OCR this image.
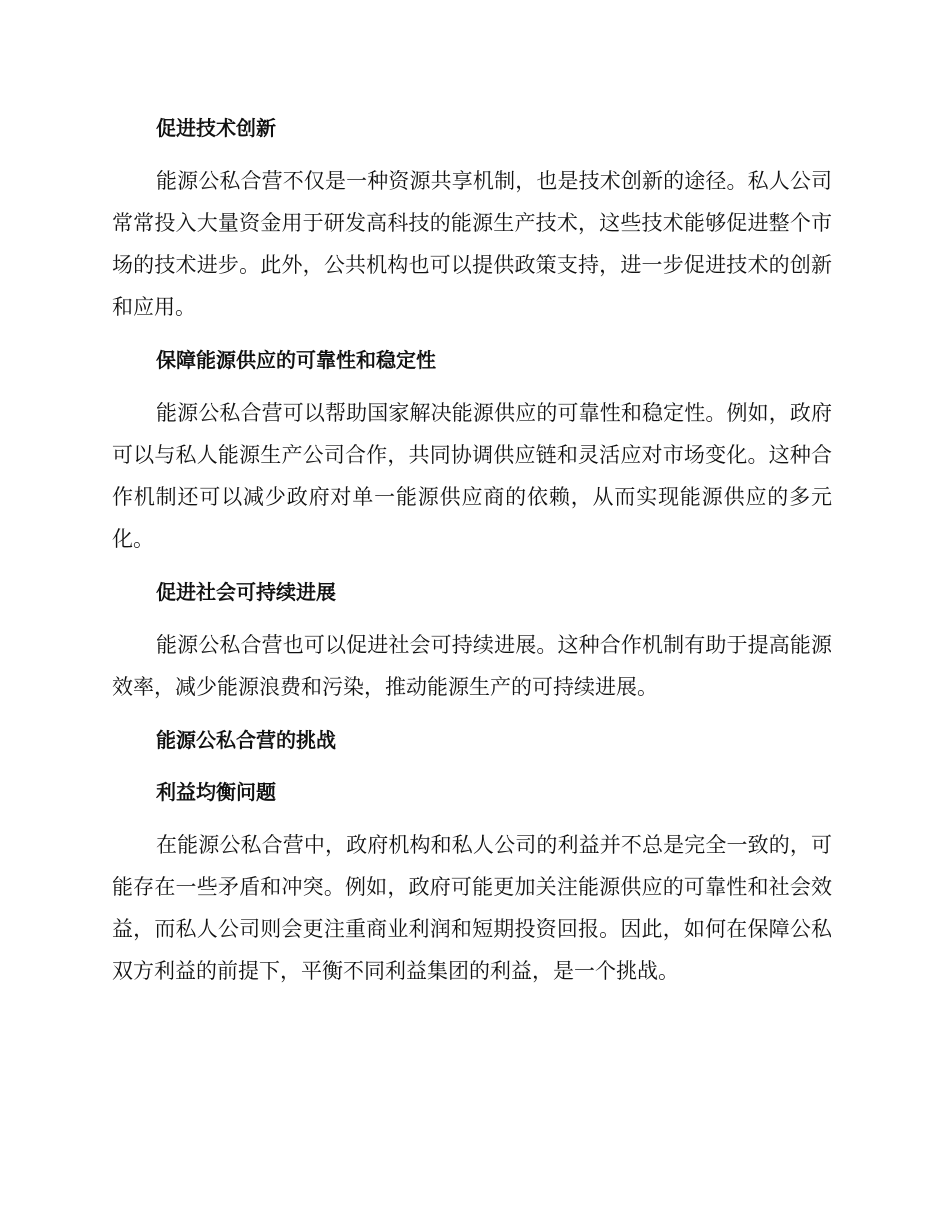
促进技术创新

能源公私合营不仅是一种资源共享机制，也是技术创新的途径。私人公司常常投入大量资金用于研发高科技的能源生产技术，这些技术能够促进整个市场的技术进步。此外，公共机构也可以提供政策支持，进一步促进技术的创新和应用。

保障能源供应的可靠性和稳定性

能源公私合营可以帮助国家解决能源供应的可靠性和稳定性。例如，政府可以与私人能源生产公司合作，共同协调供应链和灵活应对市场变化。这种合作机制还可以减少政府对单一能源供应商的依赖，从而实现能源供应的多元化。

促进社会可持续进展

能源公私合营也可以促进社会可持续进展。这种合作机制有助于提高能源效率，减少能源浪费和污染，推动能源生产的可持续进展。

能源公私合营的挑战
利益均衡问题

在能源公私合营中，政府机构和私人公司的利益并不总是完全一致的，可能存在一些矛盾和冲突。例如，政府可能更加关注能源供应的可靠性和社会效益，而私人公司则会更注重商业利润和短期投资回报。因此，如何在保障公私双方利益的前提下，平衡不同利益集团的利益，是一个挑战。
